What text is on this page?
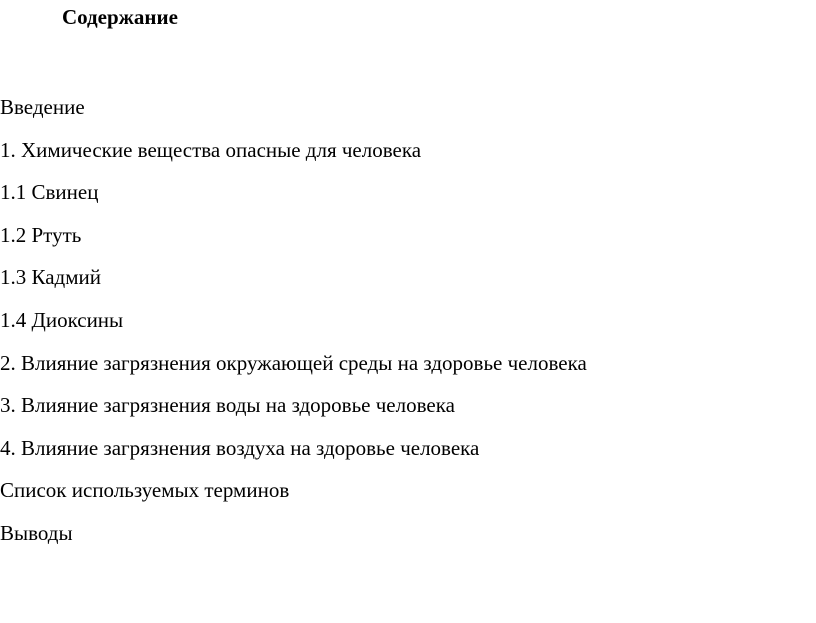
Содержание
Введение
1. Химические вещества опасные для человека
1.1 Свинец
1.2 Ртуть
1.3 Кадмий
1.4 Диоксины
2. Влияние загрязнения окружающей среды на здоровье человека
3. Влияние загрязнения воды на здоровье человека
4. Влияние загрязнения воздуха на здоровье человека
Список используемых терминов
Выводы
